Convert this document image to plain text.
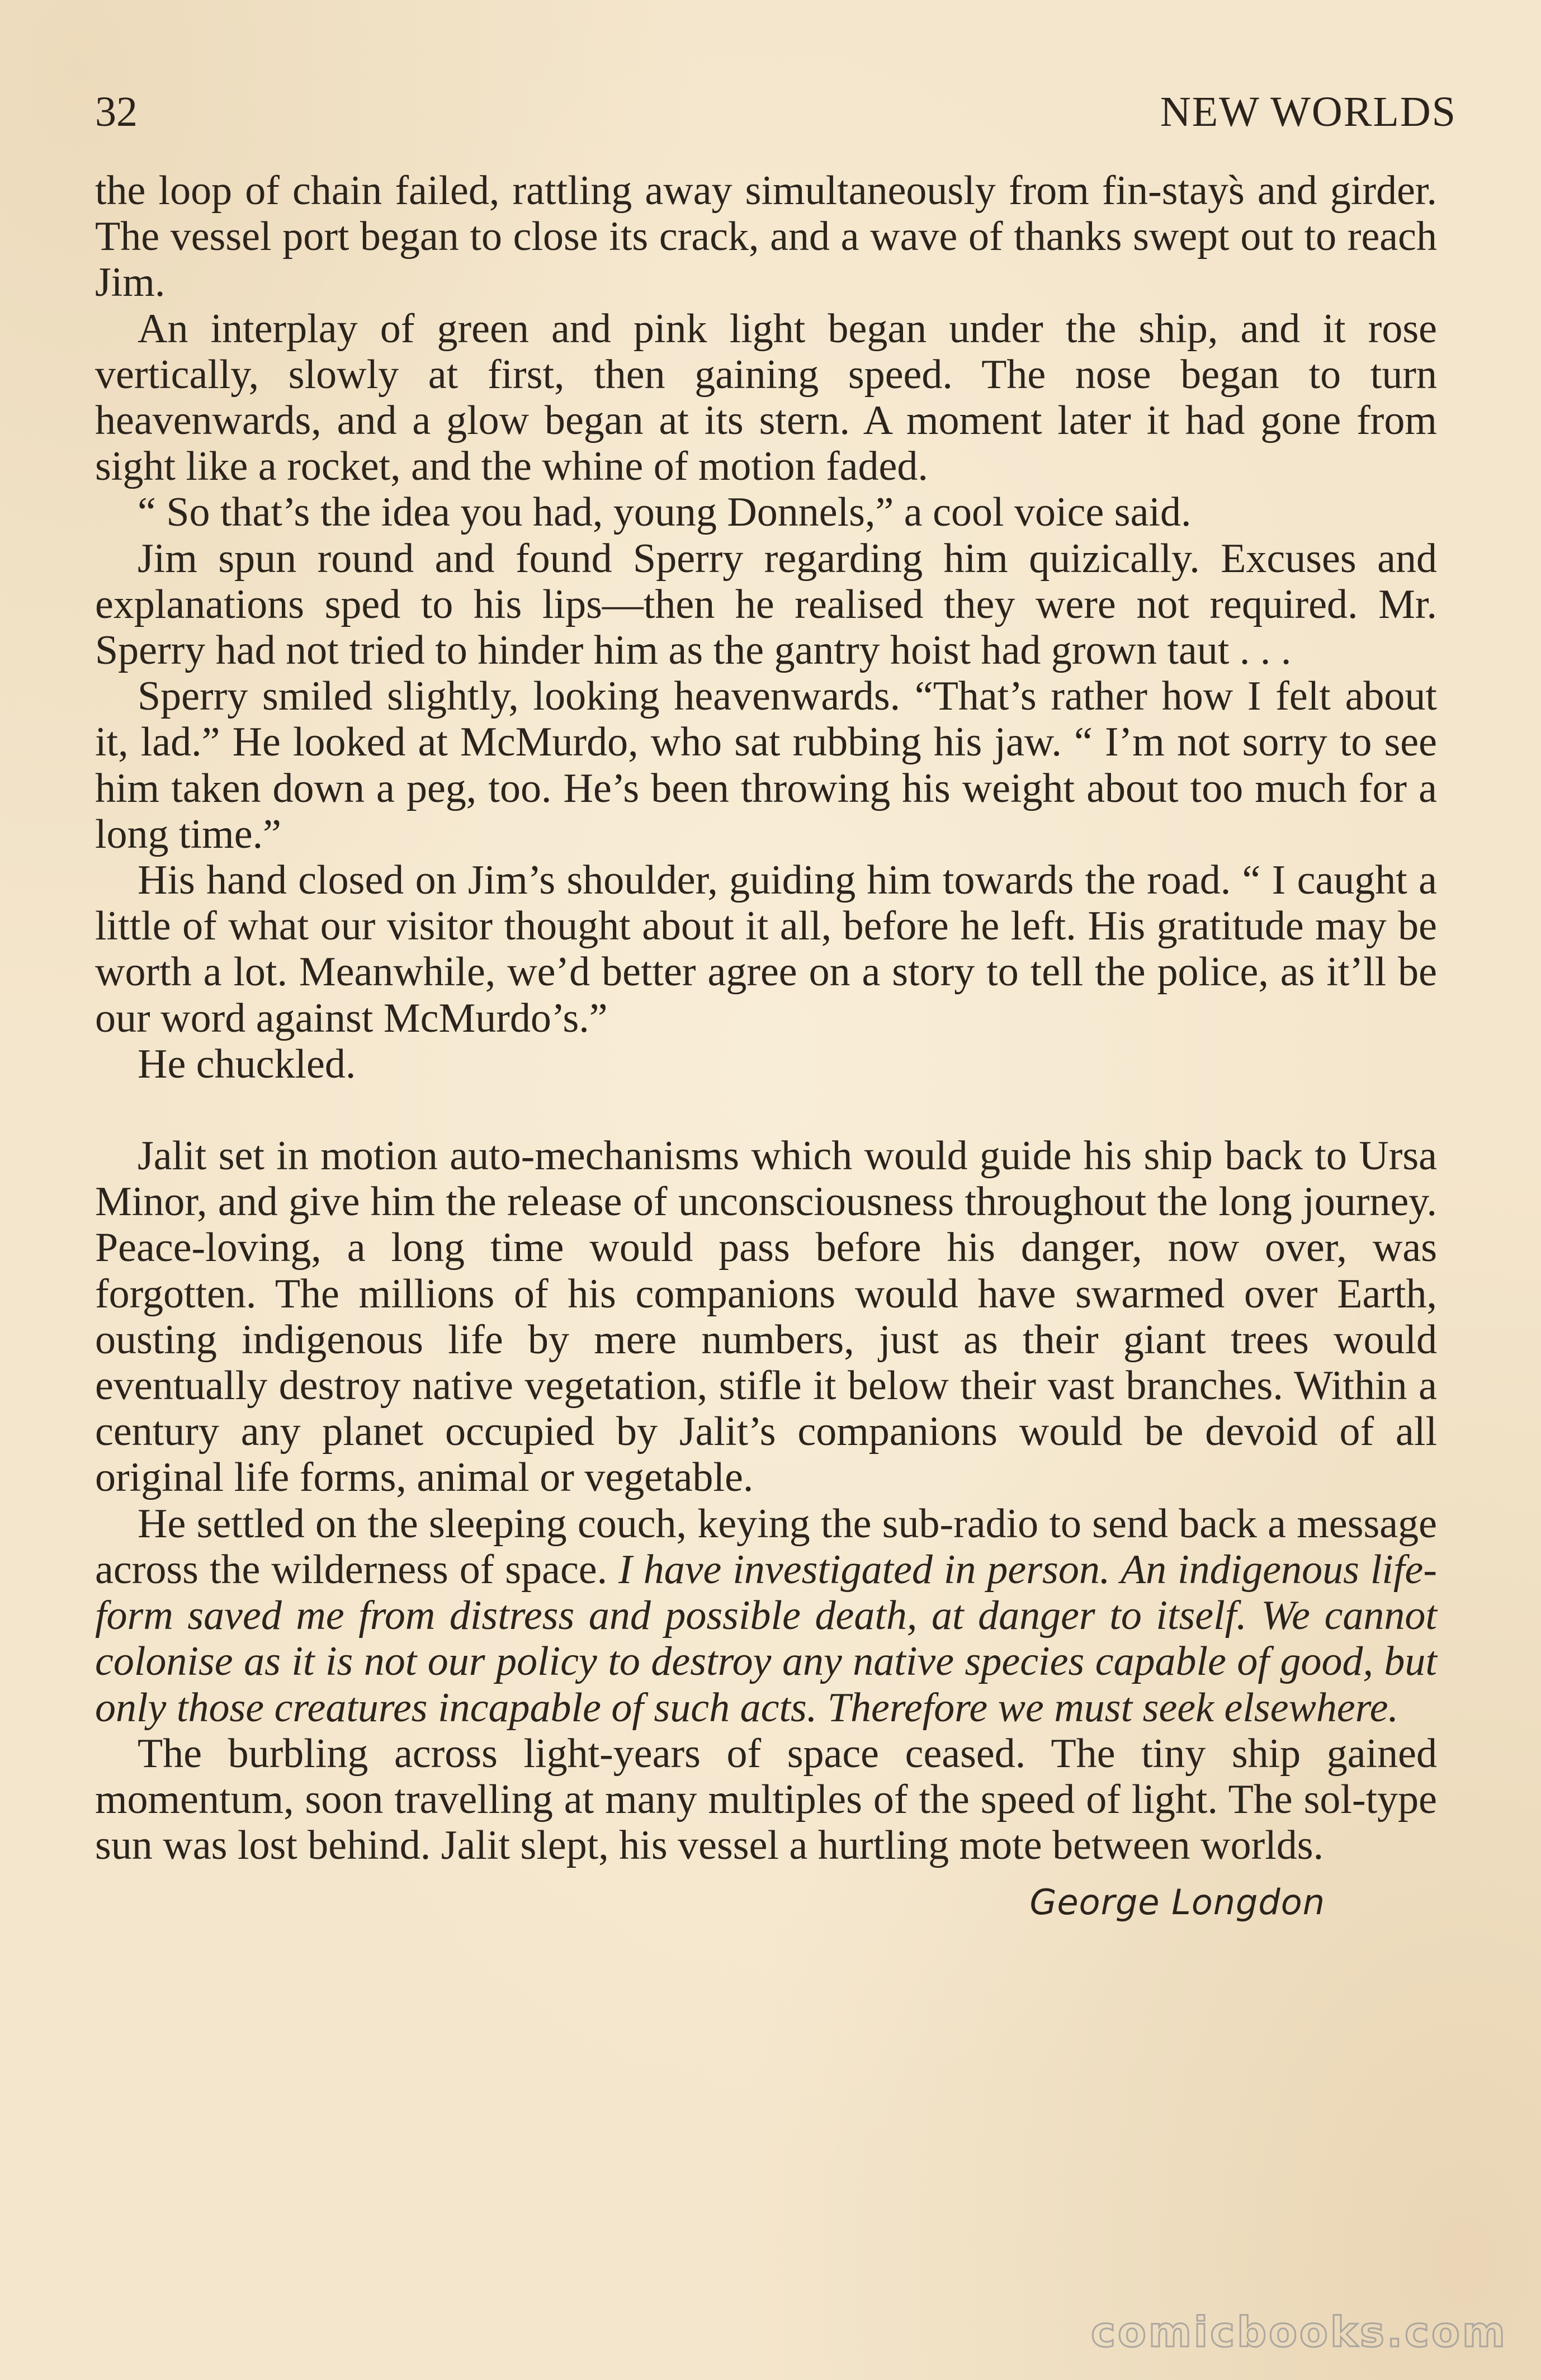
32	NEW WORLDS

the loop of chain failed, rattling away simultaneously from fin-stays̀ and girder. The vessel port began to close its crack, and a wave of thanks swept out to reach Jim.

An interplay of green and pink light began under the ship, and it rose vertically, slowly at first, then gaining speed. The nose began to turn heavenwards, and a glow began at its stern. A moment later it had gone from sight like a rocket, and the whine of motion faded.

“ So that’s the idea you had, young Donnels,” a cool voice said.

Jim spun round and found Sperry regarding him quizically. Excuses and explanations sped to his lips—then he realised they were not required. Mr. Sperry had not tried to hinder him as the gantry hoist had grown taut . . .

Sperry smiled slightly, looking heavenwards. “That’s rather how I felt about it, lad.” He looked at McMurdo, who sat rubbing his jaw. “ I’m not sorry to see him taken down a peg, too. He’s been throwing his weight about too much for a long time.”

His hand closed on Jim’s shoulder, guiding him towards the road. “ I caught a little of what our visitor thought about it all, before he left. His gratitude may be worth a lot. Meanwhile, we’d better agree on a story to tell the police, as it’ll be our word against McMurdo’s.”

He chuckled.

Jalit set in motion auto-mechanisms which would guide his ship back to Ursa Minor, and give him the release of unconsciousness throughout the long journey. Peace-loving, a long time would pass before his danger, now over, was forgotten. The millions of his companions would have swarmed over Earth, ousting indigenous life by mere numbers, just as their giant trees would eventually destroy native vegetation, stifle it below their vast branches. Within a century any planet occupied by Jalit’s companions would be devoid of all original life forms, animal or vegetable.

He settled on the sleeping couch, keying the sub-radio to send back a message across the wilderness of space. I have investigated in person. An indigenous life-form saved me from distress and possible death, at danger to itself. We cannot colonise as it is not our policy to destroy any native species capable of good, but only those creatures incapable of such acts. Therefore we must seek elsewhere.

The burbling across light-years of space ceased. The tiny ship gained momentum, soon travelling at many multiples of the speed of light. The sol-type sun was lost behind. Jalit slept, his vessel a hurtling mote between worlds.

George Longdon
comicbooks.com
